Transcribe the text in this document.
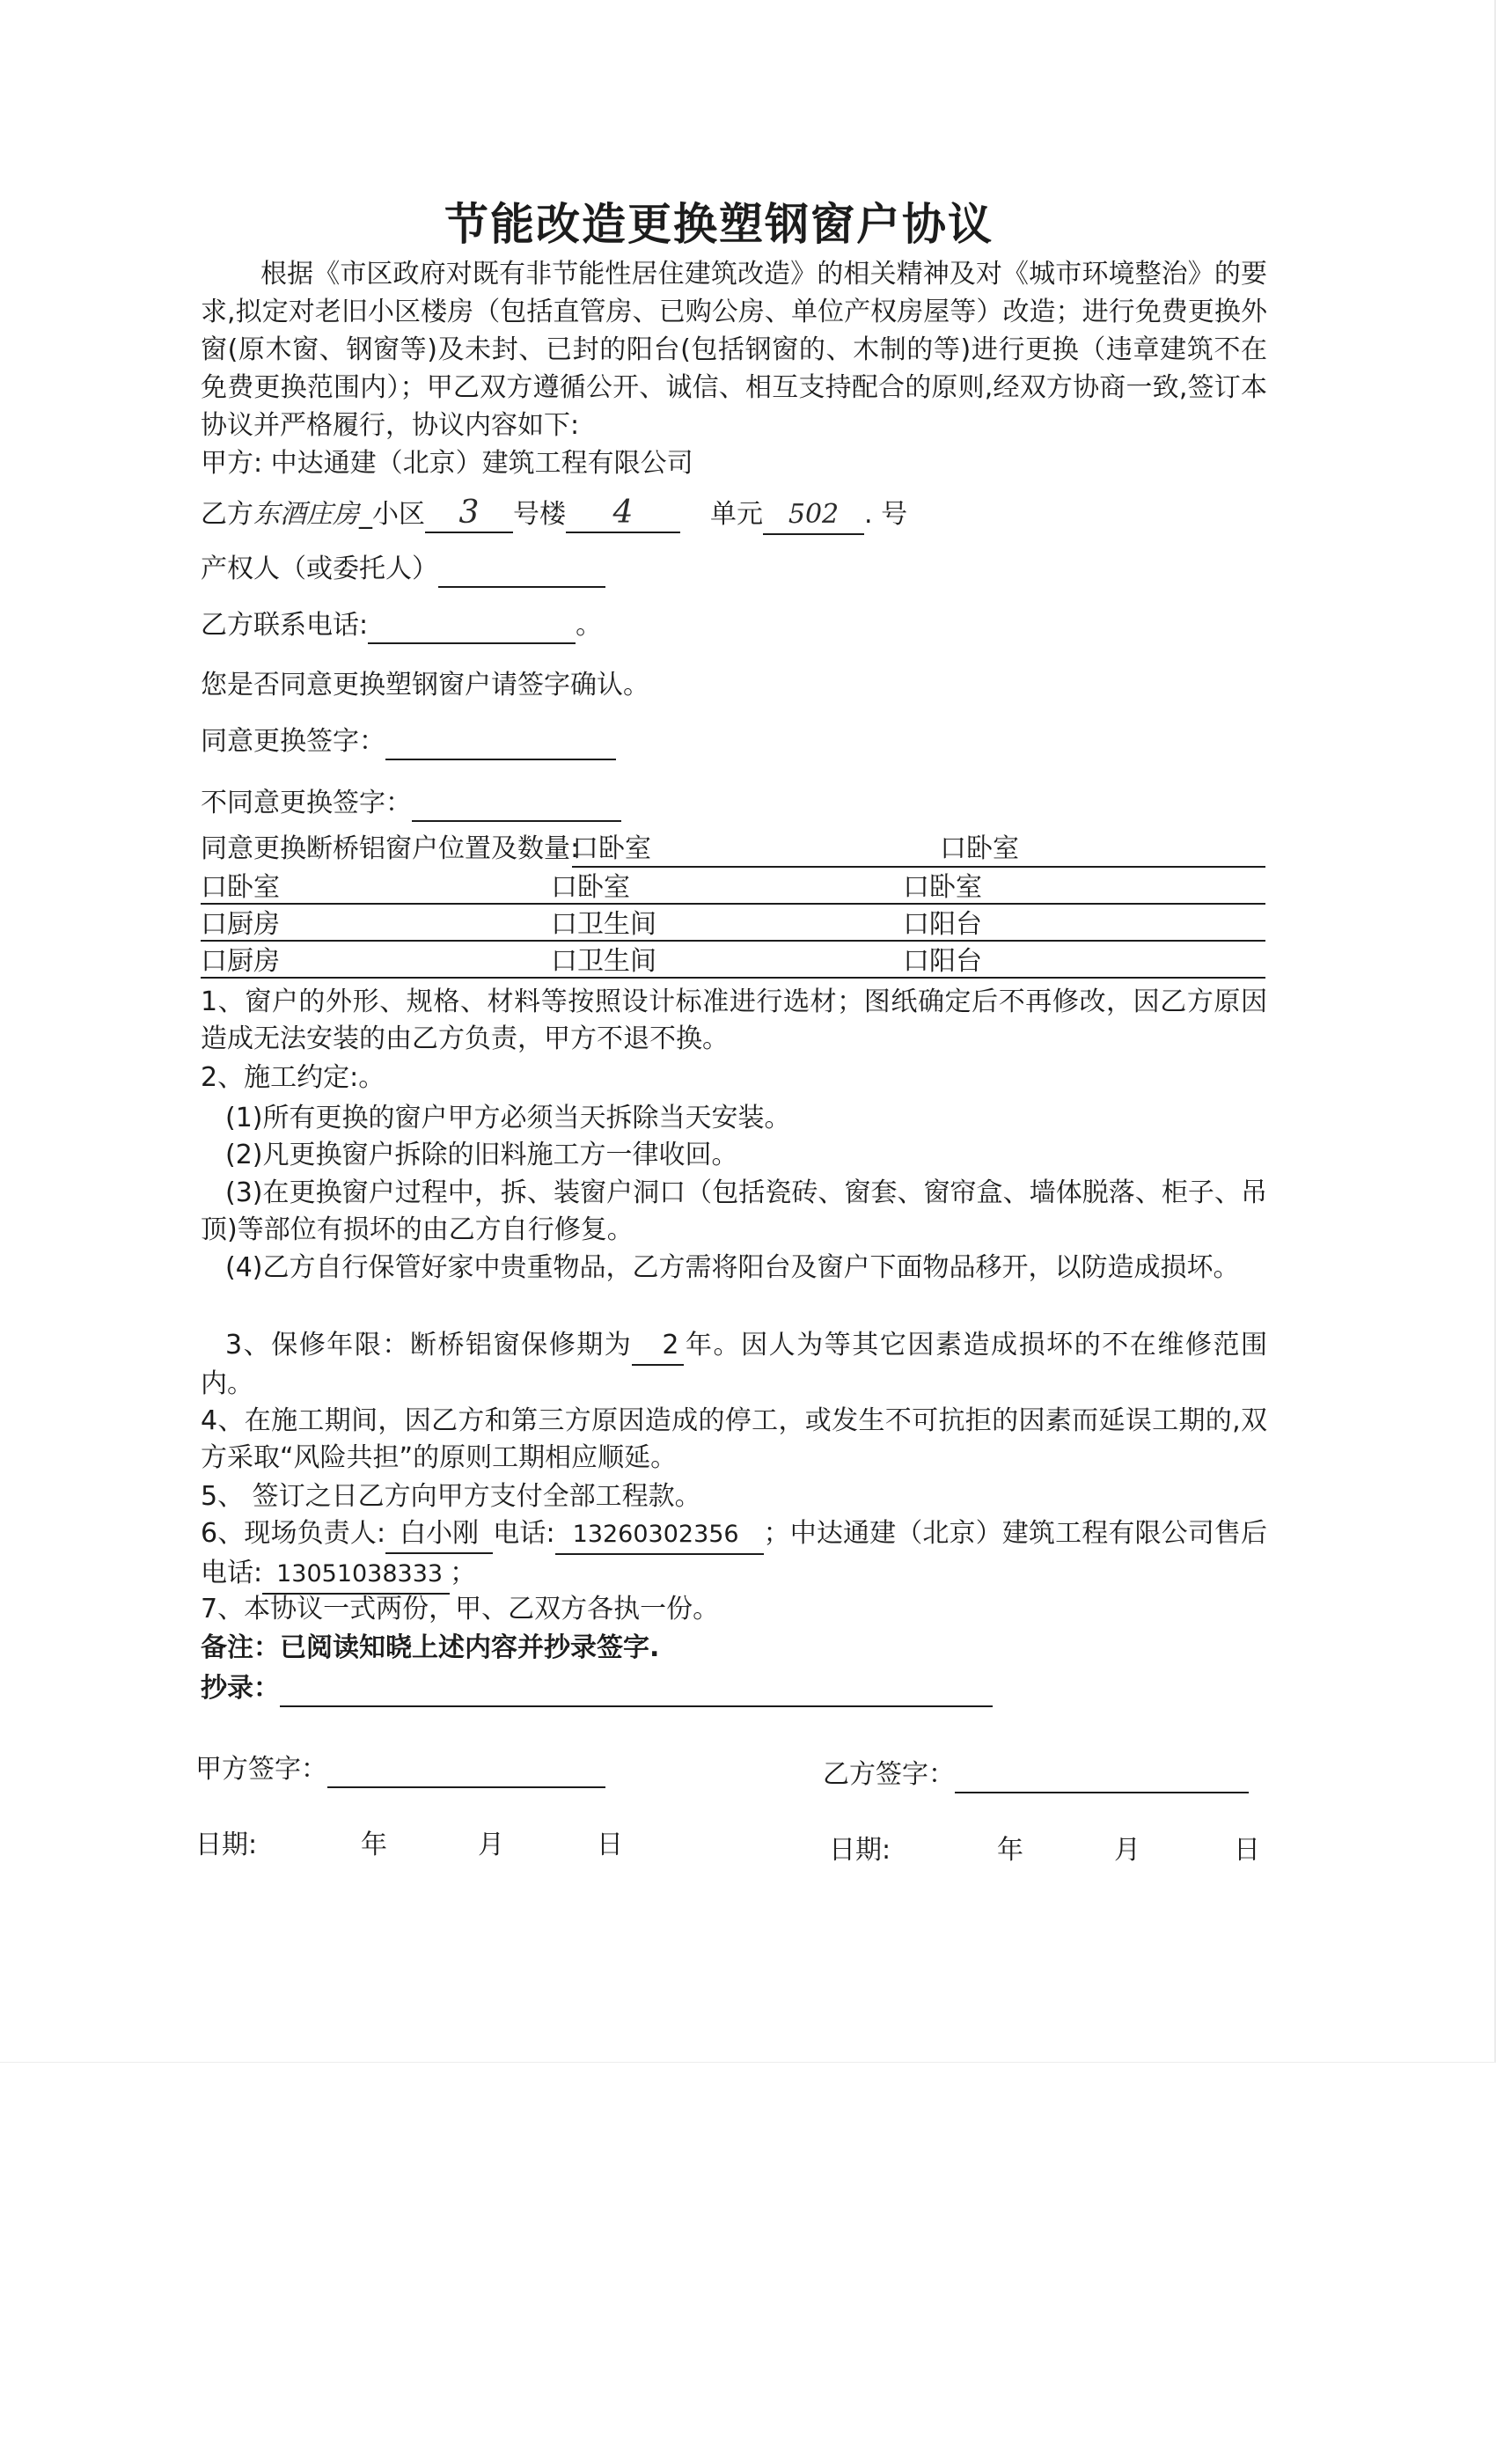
节能改造更换塑钢窗户协议
根据《市区政府对既有非节能性居住建筑改造》的相关精神及对《城市环境整治》的要求,拟定对老旧小区楼房（包括直管房、已购公房、单位产权房屋等）改造；进行免费更换外窗(原木窗、钢窗等)及未封、已封的阳台(包括钢窗的、木制的等)进行更换（违章建筑不在免费更换范围内）；甲乙双方遵循公开、诚信、相互支持配合的原则,经双方协商一致,签订本协议并严格履行，协议内容如下:
甲方: 中达通建（北京）建筑工程有限公司
乙方东酒庄房_小区 3 号楼 4	单元 502 . 号
产权人（或委托人）
乙方联系电话:	。
您是否同意更换塑钢窗户请签字确认。
同意更换签字：
不同意更换签字：
同意更换断桥铝窗户位置及数量:
口卧室	口卧室
口卧室	口卧室	口卧室
口厨房	口卫生间	口阳台
口厨房	口卫生间	口阳台
1、窗户的外形、规格、材料等按照设计标准进行选材；图纸确定后不再修改，因乙方原因造成无法安装的由乙方负责，甲方不退不换。
2、施工约定:。
(1)所有更换的窗户甲方必须当天拆除当天安装。
(2)凡更换窗户拆除的旧料施工方一律收回。
(3)在更换窗户过程中，拆、装窗户洞口（包括瓷砖、窗套、窗帘盒、墙体脱落、柜子、吊顶)等部位有损坏的由乙方自行修复。
(4)乙方自行保管好家中贵重物品，乙方需将阳台及窗户下面物品移开，以防造成损坏。
3、保修年限：断桥铝窗保修期为 2 年。因人为等其它因素造成损坏的不在维修范围内。
4、在施工期间，因乙方和第三方原因造成的停工，或发生不可抗拒的因素而延误工期的,双方采取“风险共担”的原则工期相应顺延。
5、 签订之日乙方向甲方支付全部工程款。
6、现场负责人: 白小刚 电话: 13260302356 ；中达通建（北京）建筑工程有限公司售后电话: 13051038333 ；
7、本协议一式两份，甲、乙双方各执一份。
备注：已阅读知晓上述内容并抄录签字.
抄录：
甲方签字：	乙方签字：
日期:	年	月	日	日期:	年	月	日
